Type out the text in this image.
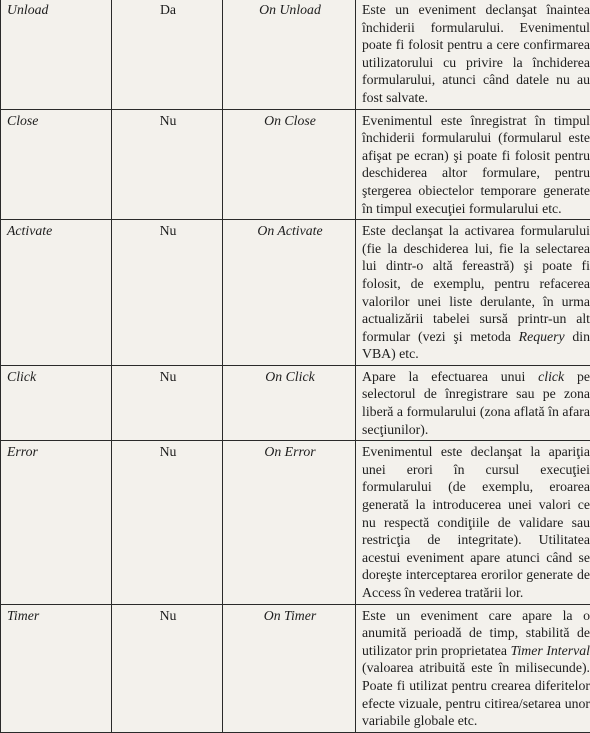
Unload	Da	On Unload	Este un eveniment declanşat înaintea închiderii formularului. Evenimentul poate fi folosit pentru a cere confirmarea utilizatorului cu privire la închiderea formularului, atunci când datele nu au fost salvate.
Close	Nu	On Close	Evenimentul este înregistrat în timpul închiderii formularului (formularul este afişat pe ecran) şi poate fi folosit pentru deschiderea altor formulare, pentru ştergerea obiectelor temporare generate în timpul execuţiei formularului etc.
Activate	Nu	On Activate	Este declanşat la activarea formularului (fie la deschiderea lui, fie la selectarea lui dintr-o altă fereastră) şi poate fi folosit, de exemplu, pentru refacerea valorilor unei liste derulante, în urma actualizării tabelei sursă printr-un alt formular (vezi şi metoda Requery din VBA) etc.
Click	Nu	On Click	Apare la efectuarea unui click pe selectorul de înregistrare sau pe zona liberă a formularului (zona aflată în afara secţiunilor).
Error	Nu	On Error	Evenimentul este declanşat la apariţia unei erori în cursul execuţiei formularului (de exemplu, eroarea generată la introducerea unei valori ce nu respectă condiţiile de validare sau restricţia de integritate). Utilitatea acestui eveniment apare atunci când se doreşte interceptarea erorilor generate de Access în vederea tratării lor.
Timer	Nu	On Timer	Este un eveniment care apare la o anumită perioadă de timp, stabilită de utilizator prin proprietatea Timer Interval (valoarea atribuită este în milisecunde). Poate fi utilizat pentru crearea diferitelor efecte vizuale, pentru citirea/setarea unor variabile globale etc.
